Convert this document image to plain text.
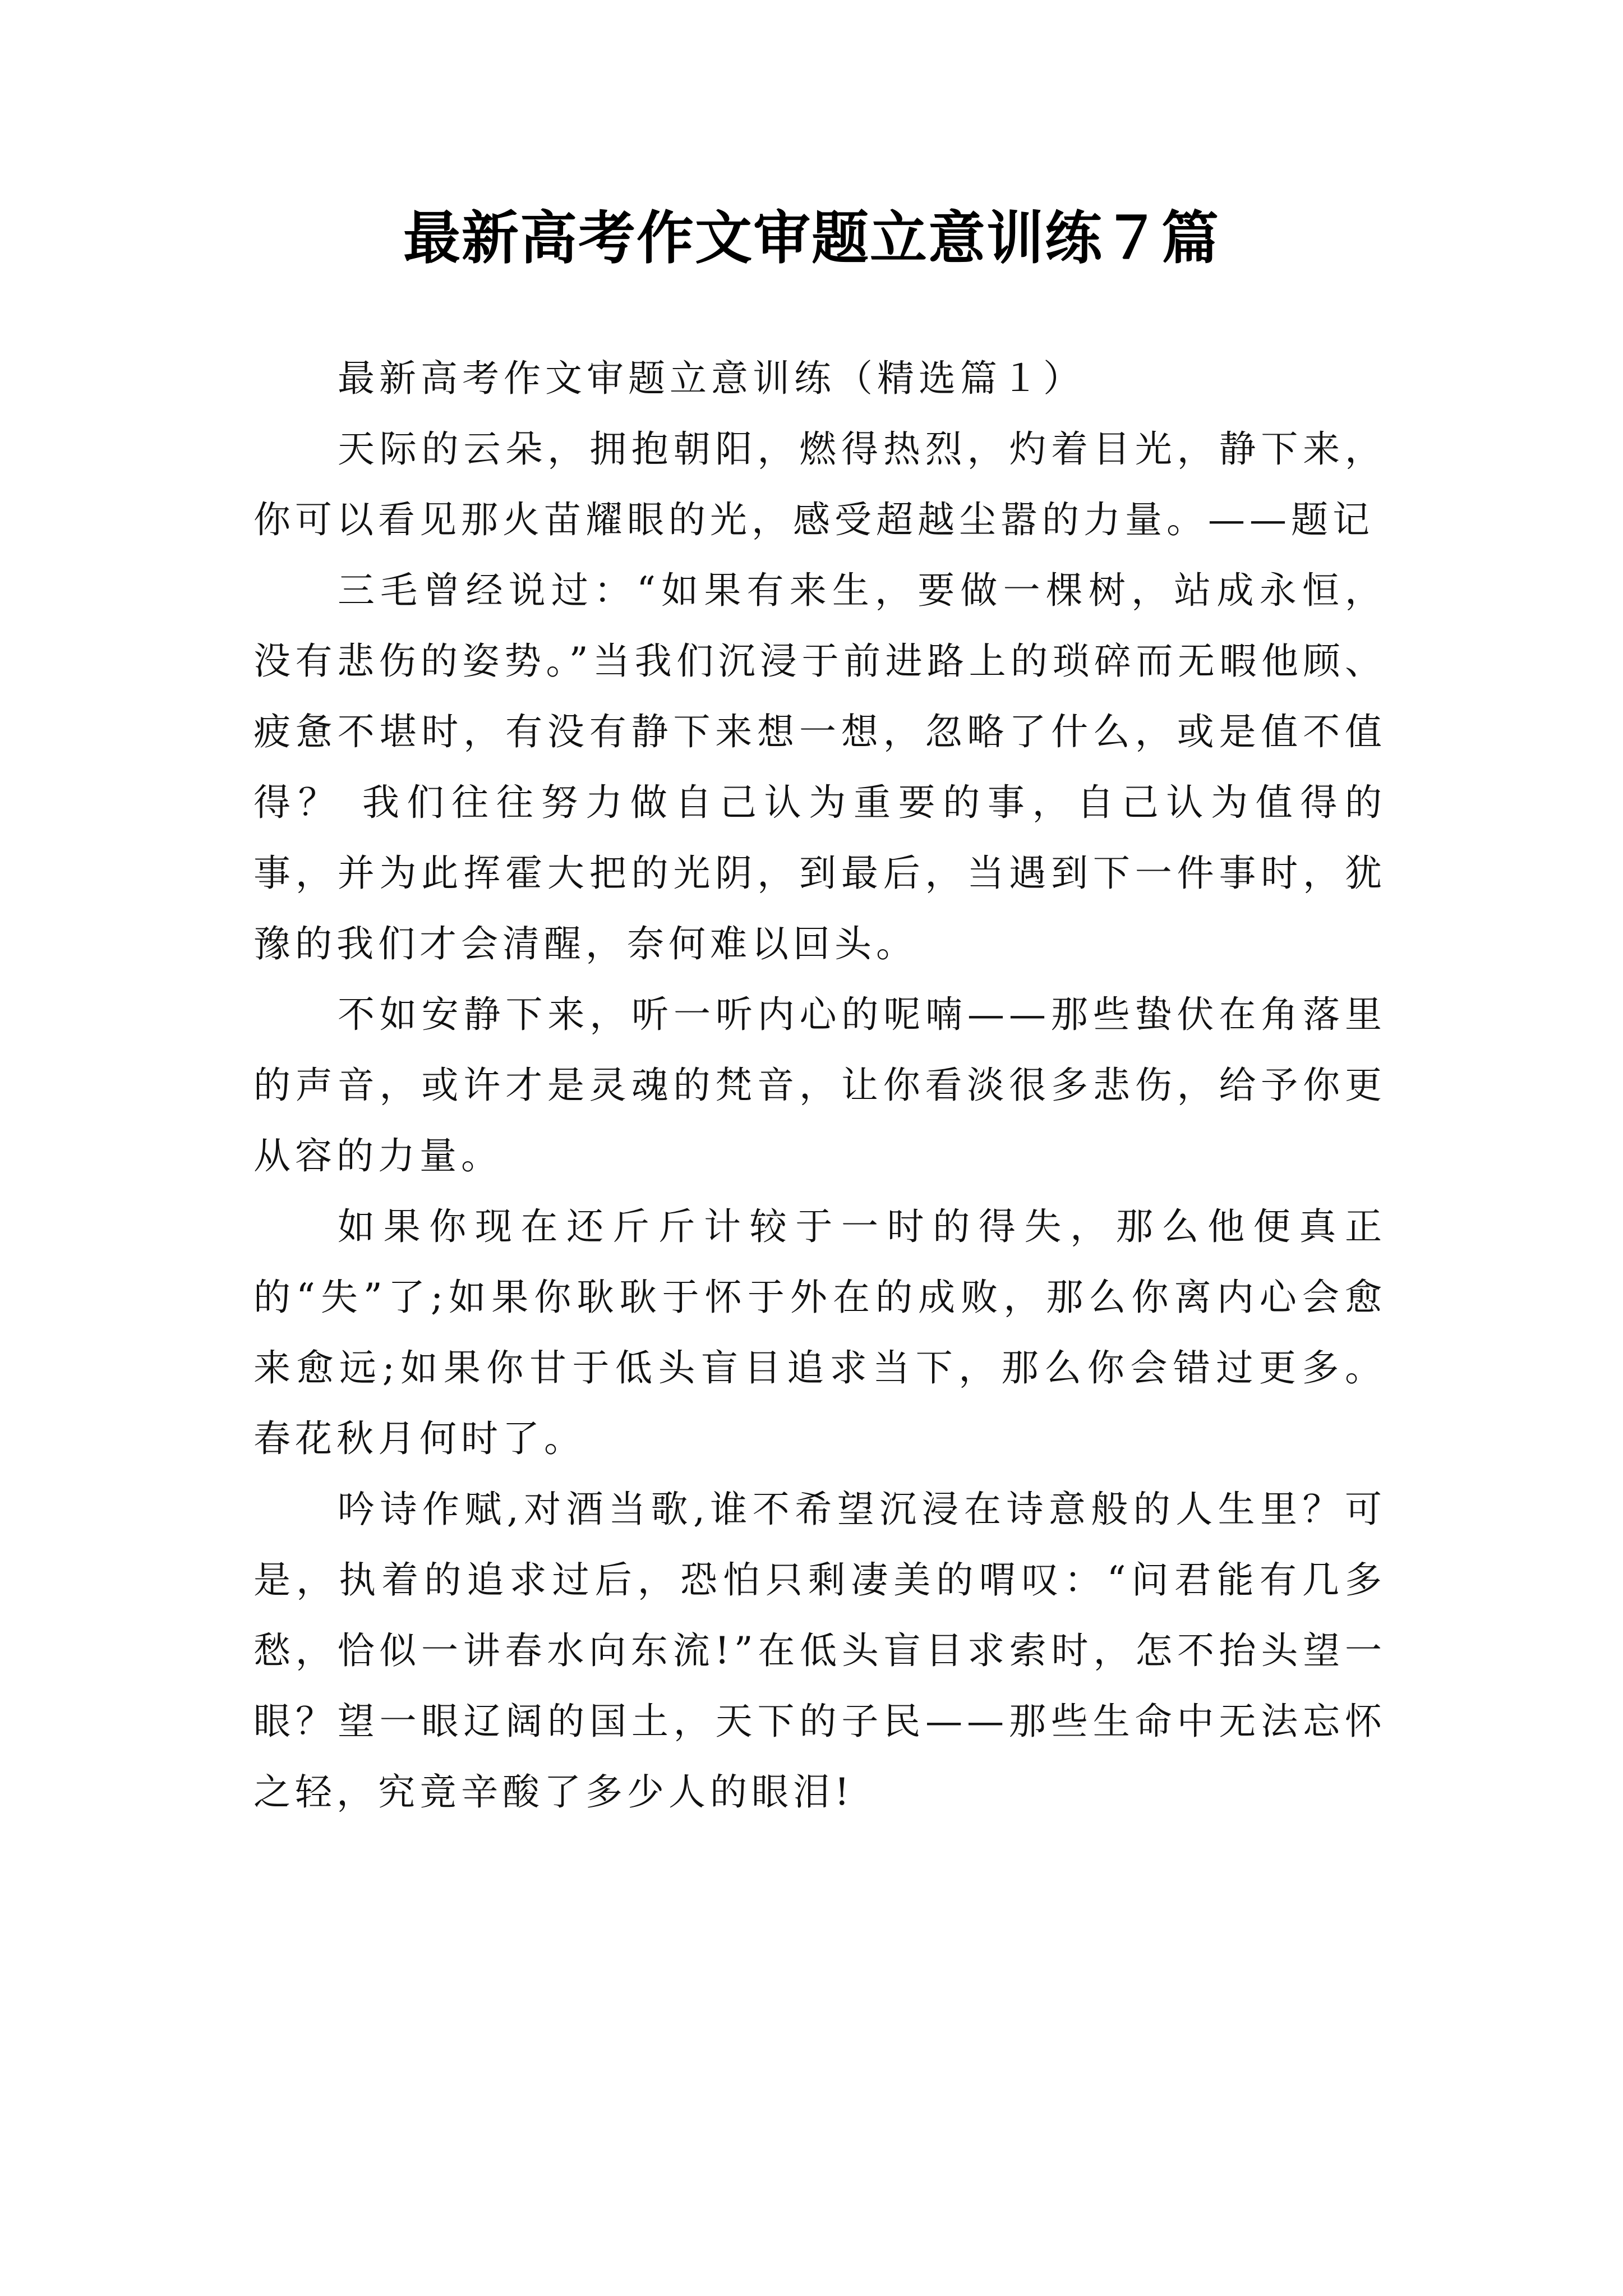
最新高考作文审题立意训练７篇

最新高考作文审题立意训练（精选篇１）

天际的云朵，拥抱朝阳，燃得热烈，灼着目光，静下来，你可以看见那火苗耀眼的光，感受超越尘嚣的力量。——题记

三毛曾经说过：“如果有来生，要做一棵树，站成永恒，没有悲伤的姿势。”当我们沉浸于前进路上的琐碎而无暇他顾、疲惫不堪时，有没有静下来想一想，忽略了什么，或是值不值得？ 我们往往努力做自己认为重要的事，自己认为值得的事，并为此挥霍大把的光阴，到最后，当遇到下一件事时，犹豫的我们才会清醒，奈何难以回头。

不如安静下来，听一听内心的呢喃——那些蛰伏在角落里的声音，或许才是灵魂的梵音，让你看淡很多悲伤，给予你更从容的力量。

如果你现在还斤斤计较于一时的得失，那么他便真正的“失”了;如果你耿耿于怀于外在的成败，那么你离内心会愈来愈远;如果你甘于低头盲目追求当下，那么你会错过更多。 春花秋月何时了。

吟诗作赋,对酒当歌,谁不希望沉浸在诗意般的人生里？可是，执着的追求过后，恐怕只剩凄美的喟叹：“问君能有几多愁，恰似一讲春水向东流!”在低头盲目求索时，怎不抬头望一眼？望一眼辽阔的国土，天下的子民——那些生命中无法忘怀之轻，究竟辛酸了多少人的眼泪!
